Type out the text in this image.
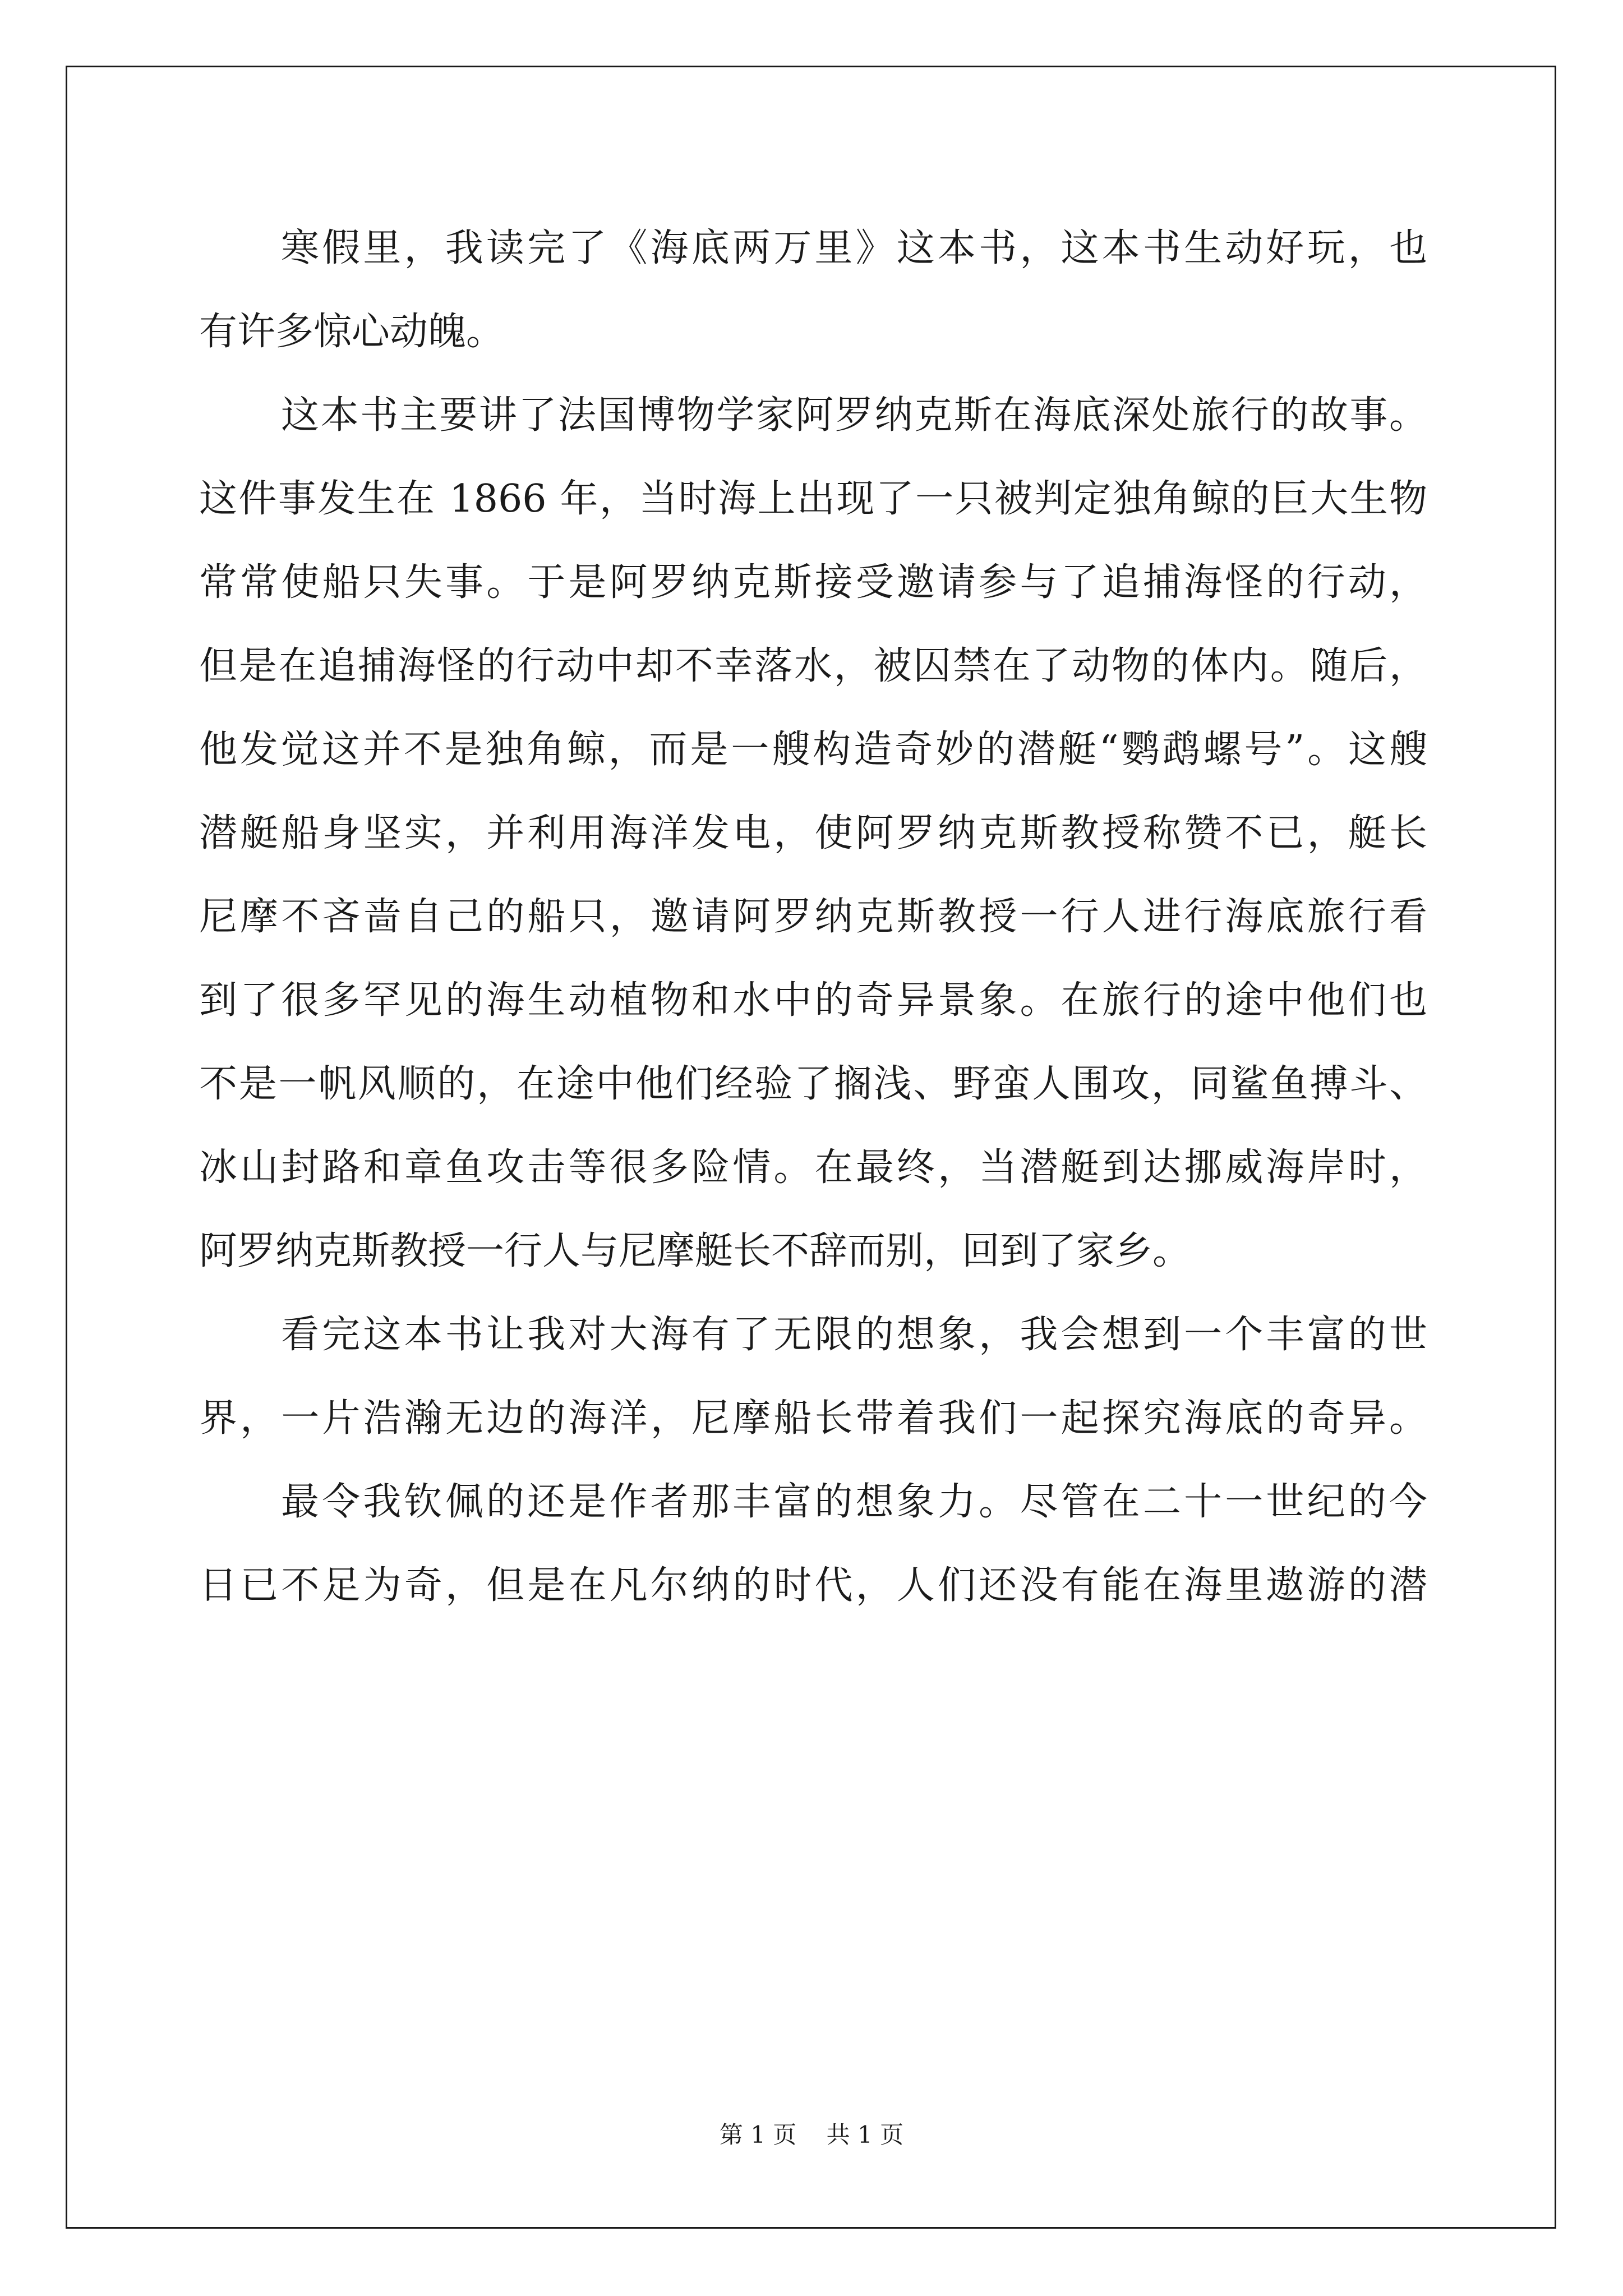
寒假里，我读完了《海底两万里》这本书，这本书生动好玩，也
有许多惊心动魄。
这本书主要讲了法国博物学家阿罗纳克斯在海底深处旅行的故事。
这件事发生在 1866 年，当时海上出现了一只被判定独角鲸的巨大生物
常常使船只失事。于是阿罗纳克斯接受邀请参与了追捕海怪的行动，
但是在追捕海怪的行动中却不幸落水，被囚禁在了动物的体内。随后，
他发觉这并不是独角鲸，而是一艘构造奇妙的潜艇“鹦鹉螺号”。这艘
潜艇船身坚实，并利用海洋发电，使阿罗纳克斯教授称赞不已，艇长
尼摩不吝啬自己的船只，邀请阿罗纳克斯教授一行人进行海底旅行看
到了很多罕见的海生动植物和水中的奇异景象。在旅行的途中他们也
不是一帆风顺的，在途中他们经验了搁浅、野蛮人围攻，同鲨鱼搏斗、
冰山封路和章鱼攻击等很多险情。在最终，当潜艇到达挪威海岸时，
阿罗纳克斯教授一行人与尼摩艇长不辞而别，回到了家乡。
看完这本书让我对大海有了无限的想象，我会想到一个丰富的世
界，一片浩瀚无边的海洋，尼摩船长带着我们一起探究海底的奇异。
最令我钦佩的还是作者那丰富的想象力。尽管在二十一世纪的今
日已不足为奇，但是在凡尔纳的时代，人们还没有能在海里遨游的潜
第 1 页 共 1 页
